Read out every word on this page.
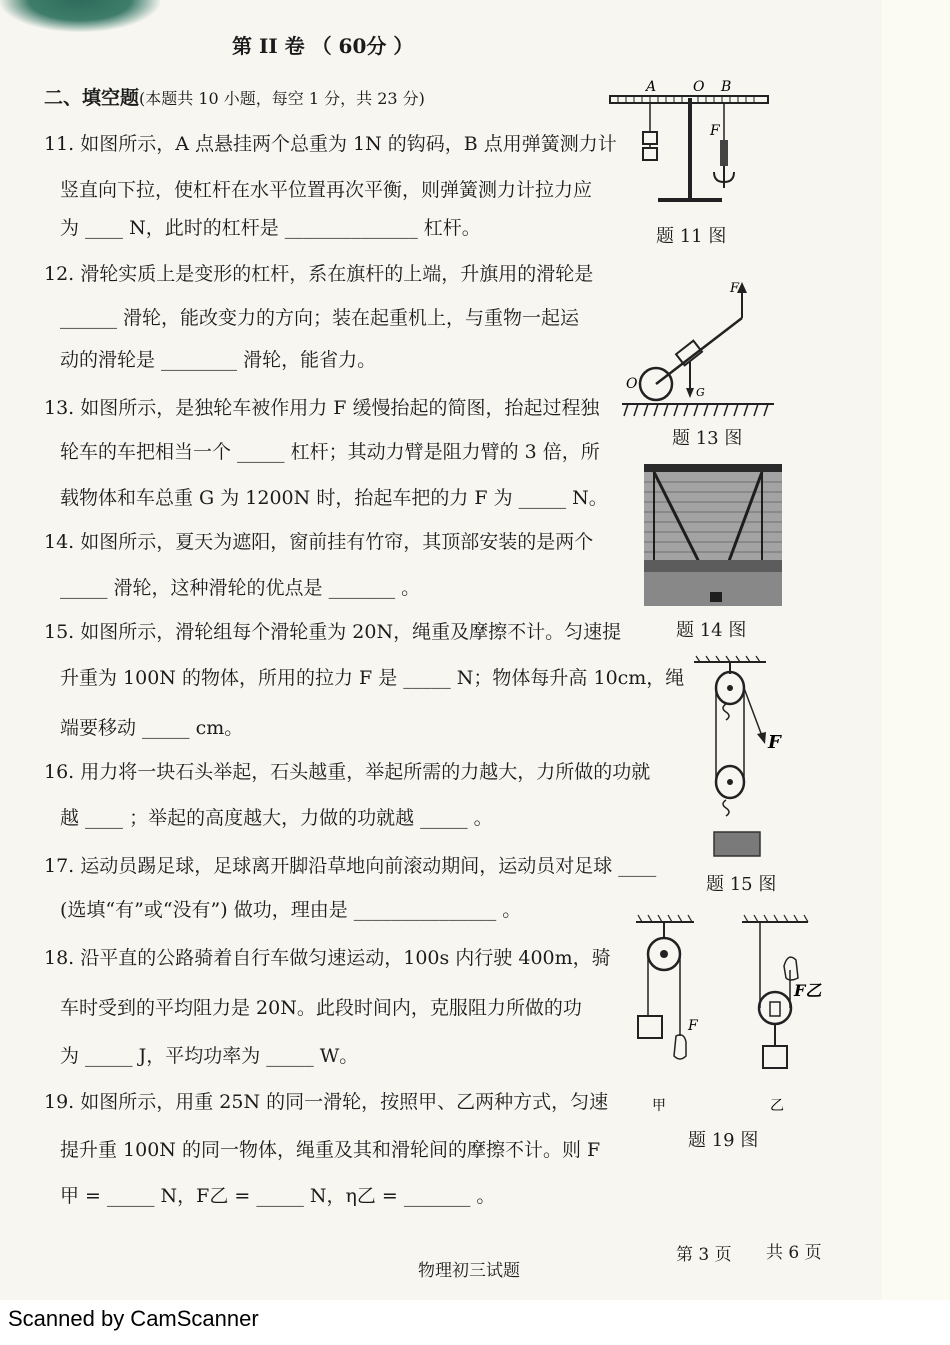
第 II 卷 （ 60分 ）
二、填空题(本题共 10 小题，每空 1 分，共 23 分)
11. 如图所示，A 点悬挂两个总重为 1N 的钩码，B 点用弹簧测力计
竖直向下拉，使杠杆在水平位置再次平衡，则弹簧测力计拉力应
为 ____ N，此时的杠杆是 ______________ 杠杆。
12. 滑轮实质上是变形的杠杆，系在旗杆的上端，升旗用的滑轮是
______ 滑轮，能改变力的方向；装在起重机上，与重物一起运
动的滑轮是 ________ 滑轮，能省力。
13. 如图所示，是独轮车被作用力 F 缓慢抬起的简图，抬起过程独
轮车的车把相当一个 _____ 杠杆；其动力臂是阻力臂的 3 倍，所
载物体和车总重 G 为 1200N 时，抬起车把的力 F 为 _____ N。
14. 如图所示，夏天为遮阳，窗前挂有竹帘，其顶部安装的是两个
_____ 滑轮，这种滑轮的优点是 _______ 。
15. 如图所示，滑轮组每个滑轮重为 20N，绳重及摩擦不计。匀速提
升重为 100N 的物体，所用的拉力 F 是 _____ N；物体每升高 10cm，绳
端要移动 _____ cm。
16. 用力将一块石头举起，石头越重，举起所需的力越大，力所做的功就
越 ____ ；举起的高度越大，力做的功就越 _____ 。
17. 运动员踢足球，足球离开脚沿草地向前滚动期间，运动员对足球 ____
(选填“有”或“没有”) 做功，理由是 _______________ 。
18. 沿平直的公路骑着自行车做匀速运动，100s 内行驶 400m，骑
车时受到的平均阻力是 20N。此段时间内，克服阻力所做的功
为 _____ J，平均功率为 _____ W。
19. 如图所示，用重 25N 的同一滑轮，按照甲、乙两种方式，匀速
提升重 100N 的同一物体，绳重及其和滑轮间的摩擦不计。则 F
甲 = _____ N，F乙 = _____ N，η乙 = _______ 。
A	O B
F
题 11 图
F
O
G
题 13 图
题 14 图
F
题 15 图
F
F乙
甲	乙
题 19 图
物理初三试题
第 3 页 共 6 页
Scanned by CamScanner
